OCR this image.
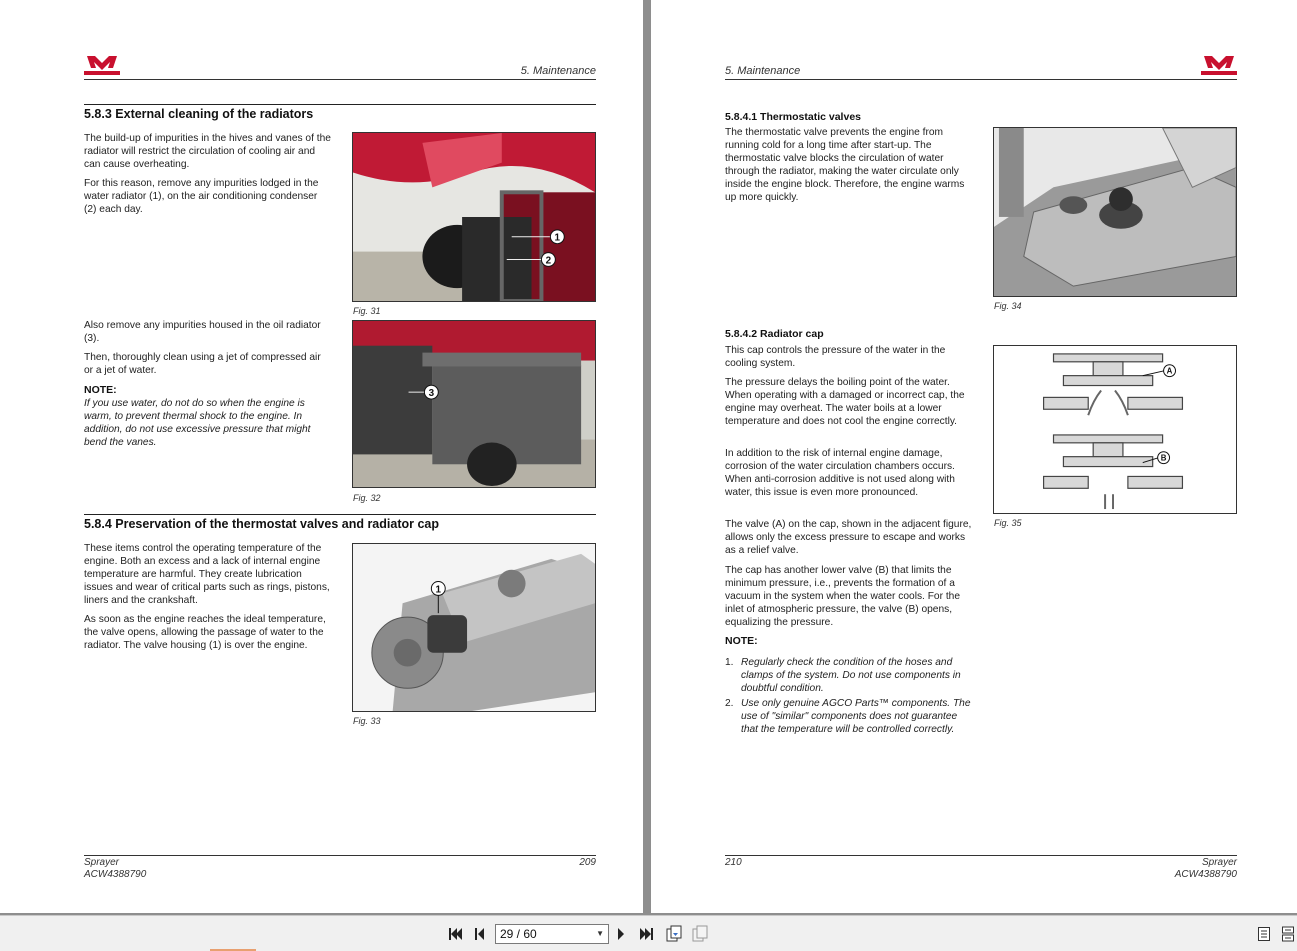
5. Maintenance
5.8.3 External cleaning of the radiators
The build-up of impurities in the hives and vanes of the radiator will restrict the circulation of cooling air and can cause overheating.
For this reason, remove any impurities lodged in the water radiator (1), on the air conditioning condenser (2) each day.
1
2
Fig. 31
Also remove any impurities housed in the oil radiator (3).
Then, thoroughly clean using a jet of compressed air or a jet of water.
NOTE:
If you use water, do not do so when the engine is warm, to prevent thermal shock to the engine. In addition, do not use excessive pressure that might bend the vanes.
3
Fig. 32
5.8.4 Preservation of the thermostat valves and radiator cap
These items control the operating temperature of the engine. Both an excess and a lack of internal engine temperature are harmful. They create lubrication issues and wear of critical parts such as rings, pistons, liners and the crankshaft.
As soon as the engine reaches the ideal temperature, the valve opens, allowing the passage of water to the radiator. The valve housing (1) is over the engine.
1
Fig. 33
Sprayer
ACW4388790
209
5. Maintenance
5.8.4.1 Thermostatic valves
The thermostatic valve prevents the engine from running cold for a long time after start-up. The thermostatic valve blocks the circulation of water through the radiator, making the water circulate only inside the engine block. Therefore, the engine warms up more quickly.
Fig. 34
5.8.4.2 Radiator cap
This cap controls the pressure of the water in the cooling system.
The pressure delays the boiling point of the water. When operating with a damaged or incorrect cap, the engine may overheat. The water boils at a lower temperature and does not cool the engine correctly.
In addition to the risk of internal engine damage, corrosion of the water circulation chambers occurs. When anti-corrosion additive is not used along with water, this issue is even more pronounced.
The valve (A) on the cap, shown in the adjacent figure, allows only the excess pressure to escape and works as a relief valve.
The cap has another lower valve (B) that limits the minimum pressure, i.e., prevents the formation of a vacuum in the system when the water cools. For the inlet of atmospheric pressure, the valve (B) opens, equalizing the pressure.
NOTE:
1. Regularly check the condition of the hoses and clamps of the system. Do not use components in doubtful condition.
2. Use only genuine AGCO Parts™ components. The use of "similar" components does not guarantee that the temperature will be controlled correctly.
A
B
Fig. 35
210	Sprayer
ACW4388790
29 / 60	▼
